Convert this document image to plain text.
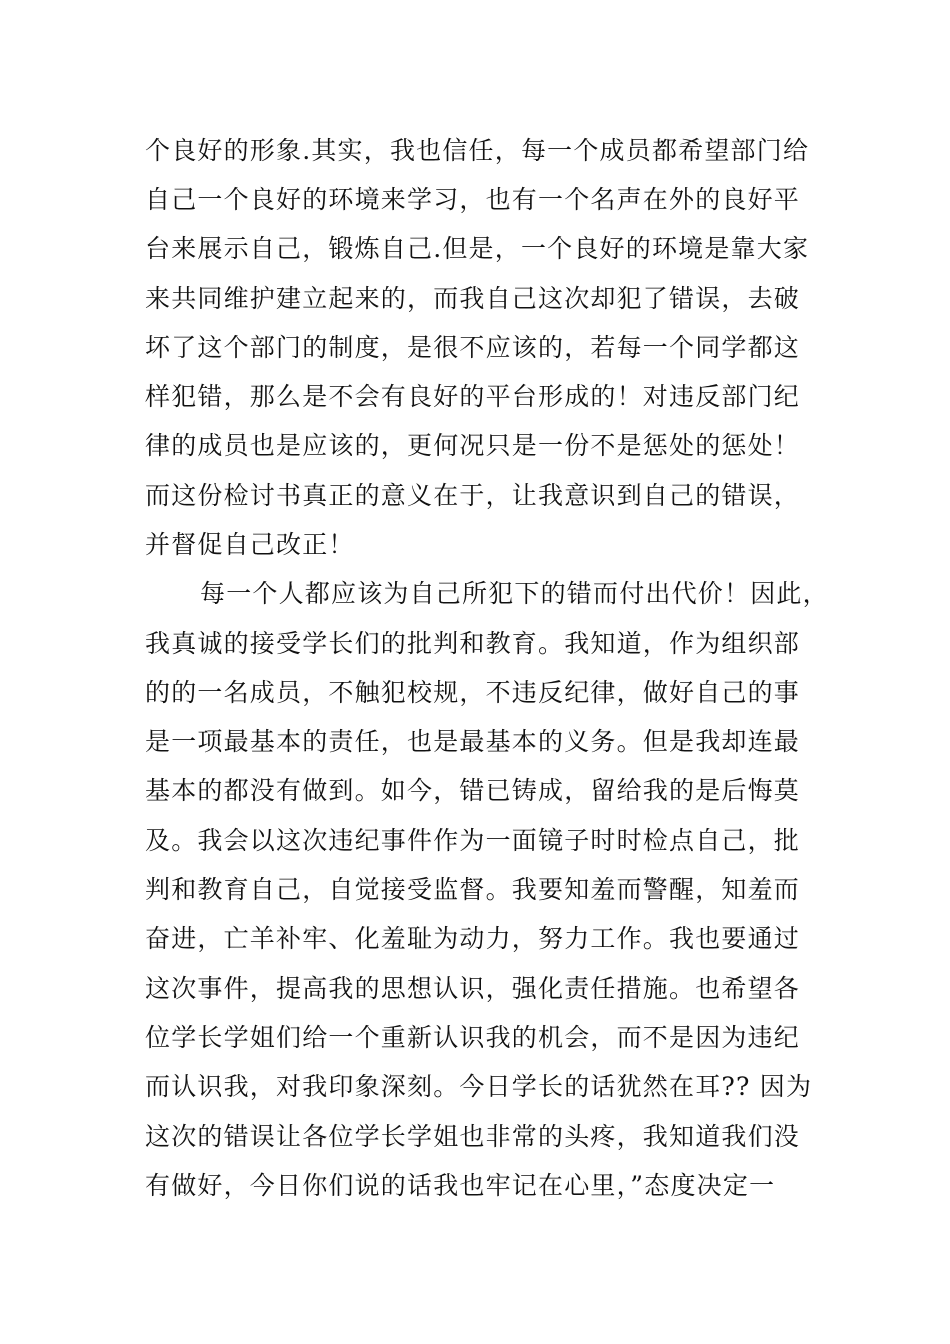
个良好的形象.其实，我也信任，每一个成员都希望部门给
自己一个良好的环境来学习，也有一个名声在外的良好平
台来展示自己，锻炼自己.但是，一个良好的环境是靠大家
来共同维护建立起来的，而我自己这次却犯了错误，去破
坏了这个部门的制度，是很不应该的，若每一个同学都这
样犯错，那么是不会有良好的平台形成的！对违反部门纪
律的成员也是应该的，更何况只是一份不是惩处的惩处！
而这份检讨书真正的意义在于，让我意识到自己的错误，
并督促自己改正！
每一个人都应该为自己所犯下的错而付出代价！因此，
我真诚的接受学长们的批判和教育。我知道，作为组织部
的的一名成员，不触犯校规，不违反纪律，做好自己的事
是一项最基本的责任，也是最基本的义务。但是我却连最
基本的都没有做到。如今，错已铸成，留给我的是后悔莫
及。我会以这次违纪事件作为一面镜子时时检点自己，批
判和教育自己，自觉接受监督。我要知羞而警醒，知羞而
奋进，亡羊补牢、化羞耻为动力，努力工作。我也要通过
这次事件，提高我的思想认识，强化责任措施。也希望各
位学长学姐们给一个重新认识我的机会，而不是因为违纪
而认识我，对我印象深刻。今日学长的话犹然在耳?? 因为
这次的错误让各位学长学姐也非常的头疼，我知道我们没
有做好，今日你们说的话我也牢记在心里，”态度决定一
